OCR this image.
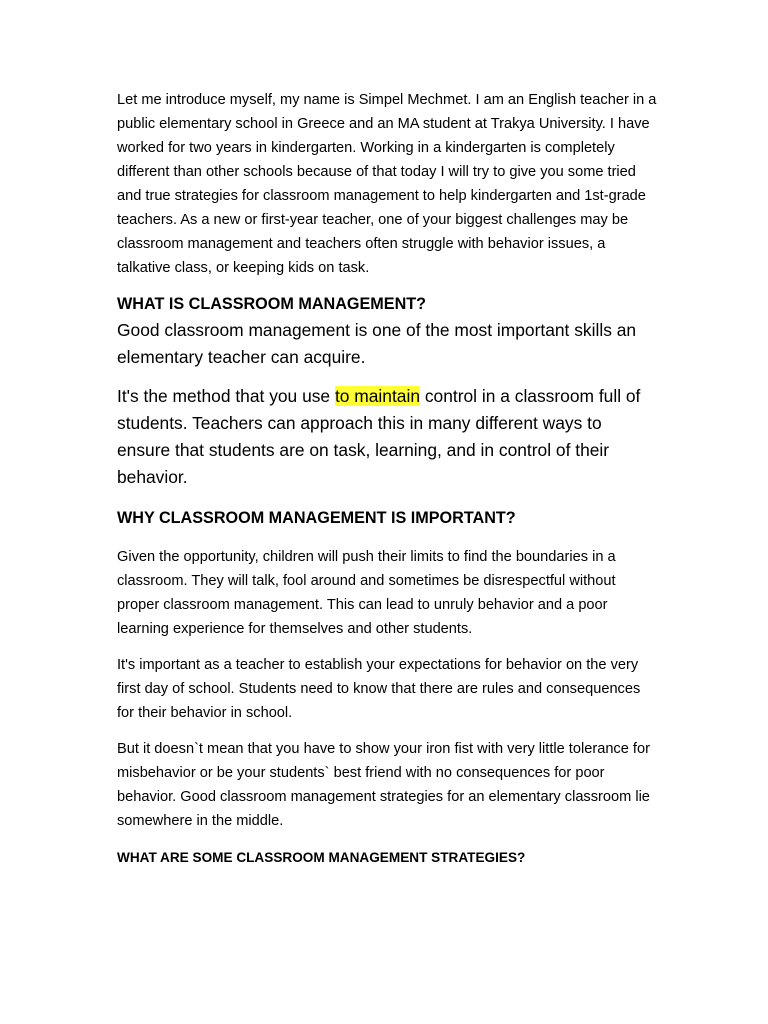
Let me introduce myself, my name is Simpel Mechmet. I am an English teacher in a public elementary school in Greece and an MA student at Trakya University. I have worked for two years in kindergarten. Working in a kindergarten is completely different than other schools because of that today I will try to give you some tried and true strategies for classroom management to help kindergarten and 1st-grade teachers. As a new or first-year teacher, one of your biggest challenges may be classroom management and teachers often struggle with behavior issues, a talkative class, or keeping kids on task.

WHAT IS CLASSROOM MANAGEMENT?

Good classroom management is one of the most important skills an elementary teacher can acquire.

It's the method that you use to maintain control in a classroom full of students. Teachers can approach this in many different ways to ensure that students are on task, learning, and in control of their behavior.

WHY CLASSROOM MANAGEMENT IS IMPORTANT?

Given the opportunity, children will push their limits to find the boundaries in a classroom. They will talk, fool around and sometimes be disrespectful without proper classroom management. This can lead to unruly behavior and a poor learning experience for themselves and other students.

It's important as a teacher to establish your expectations for behavior on the very first day of school. Students need to know that there are rules and consequences for their behavior in school.

But it doesn`t mean that you have to show your iron fist with very little tolerance for misbehavior or be your students` best friend with no consequences for poor behavior. Good classroom management strategies for an elementary classroom lie somewhere in the middle.

WHAT ARE SOME CLASSROOM MANAGEMENT STRATEGIES?
